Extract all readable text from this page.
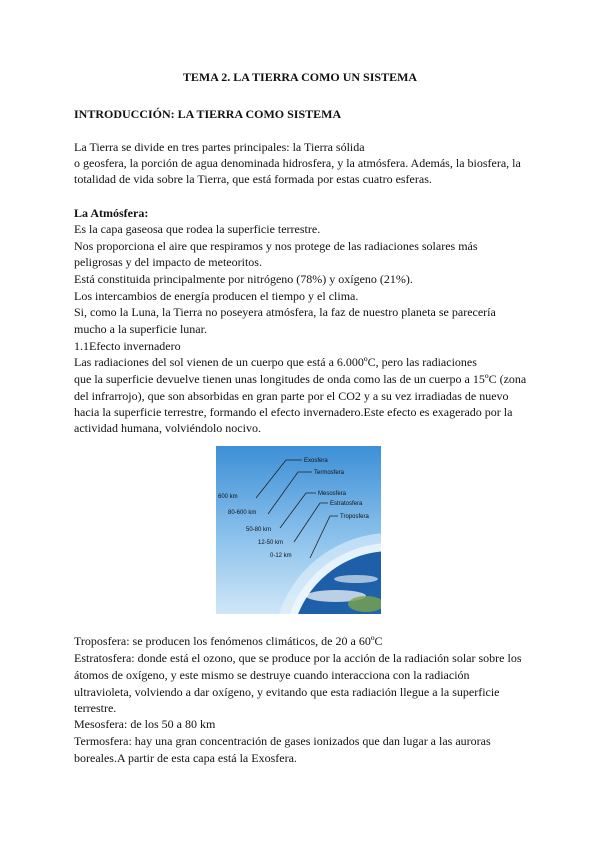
TEMA 2. LA TIERRA COMO UN SISTEMA
INTRODUCCIÓN: LA TIERRA COMO SISTEMA
La Tierra se divide en tres partes principales: la Tierra sólida
o geosfera, la porción de agua denominada hidrosfera, y la atmósfera. Además, la biosfera, la
totalidad de vida sobre la Tierra, que está formada por estas cuatro esferas.
La Atmósfera:
Es la capa gaseosa que rodea la superficie terrestre.
Nos proporciona el aire que respiramos y nos protege de las radiaciones solares más
peligrosas y del impacto de meteoritos.
Está constituida principalmente por nitrógeno (78%) y oxígeno (21%).
Los intercambios de energía producen el tiempo y el clima.
Si, como la Luna, la Tierra no poseyera atmósfera, la faz de nuestro planeta se parecería
mucho a la superficie lunar.
1.1Efecto invernadero
Las radiaciones del sol vienen de un cuerpo que está a 6.000ºC, pero las radiaciones
que la superficie devuelve tienen unas longitudes de onda como las de un cuerpo a 15ºC (zona
del infrarrojo), que son absorbidas en gran parte por el CO2 y a su vez irradiadas de nuevo
hacia la superficie terrestre, formando el efecto invernadero.Este efecto es exagerado por la
actividad humana, volviéndolo nocivo.
Exosfera
Termosfera
Mesosfera
Estratosfera
Troposfera
600 km
80-600 km
50-80 km
12-50 km
0-12 km
Troposfera: se producen los fenómenos climáticos, de 20 a 60ºC
Estratosfera: donde está el ozono, que se produce por la acción de la radiación solar sobre los
átomos de oxígeno, y este mismo se destruye cuando interacciona con la radiación
ultravioleta, volviendo a dar oxígeno, y evitando que esta radiación llegue a la superficie
terrestre.
Mesosfera: de los 50 a 80 km
Termosfera: hay una gran concentración de gases ionizados que dan lugar a las auroras
boreales.A partir de esta capa está la Exosfera.
